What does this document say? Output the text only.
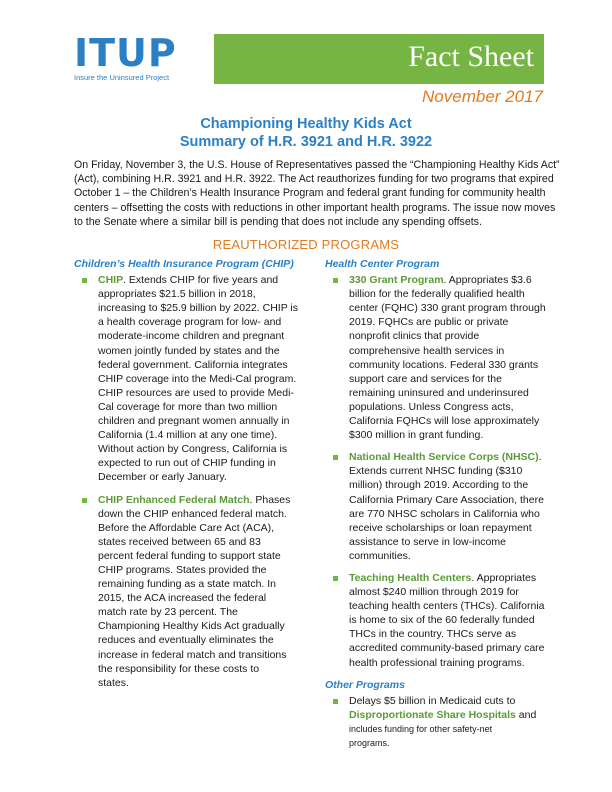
ITUP
Insure the Uninsured Project
Fact Sheet
November 2017
Championing Healthy Kids Act
Summary of H.R. 3921 and H.R. 3922
On Friday, November 3, the U.S. House of Representatives passed the “Championing Healthy Kids Act”
(Act), combining H.R. 3921 and H.R. 3922. The Act reauthorizes funding for two programs that expired
October 1 – the Children’s Health Insurance Program and federal grant funding for community health
centers – offsetting the costs with reductions in other important health programs. The issue now moves
to the Senate where a similar bill is pending that does not include any spending offsets.
REAUTHORIZED PROGRAMS
Children’s Health Insurance Program (CHIP)
CHIP. Extends CHIP for five years and
appropriates $21.5 billion in 2018,
increasing to $25.9 billion by 2022. CHIP is
a health coverage program for low- and
moderate-income children and pregnant
women jointly funded by states and the
federal government. California integrates
CHIP coverage into the Medi-Cal program.
CHIP resources are used to provide Medi-
Cal coverage for more than two million
children and pregnant women annually in
California (1.4 million at any one time).
Without action by Congress, California is
expected to run out of CHIP funding in
December or early January.
CHIP Enhanced Federal Match. Phases
down the CHIP enhanced federal match.
Before the Affordable Care Act (ACA),
states received between 65 and 83
percent federal funding to support state
CHIP programs. States provided the
remaining funding as a state match. In
2015, the ACA increased the federal
match rate by 23 percent. The
Championing Healthy Kids Act gradually
reduces and eventually eliminates the
increase in federal match and transitions
the responsibility for these costs to
states.
Health Center Program
330 Grant Program. Appropriates $3.6
billion for the federally qualified health
center (FQHC) 330 grant program through
2019. FQHCs are public or private
nonprofit clinics that provide
comprehensive health services in
community locations. Federal 330 grants
support care and services for the
remaining uninsured and underinsured
populations. Unless Congress acts,
California FQHCs will lose approximately
$300 million in grant funding.
National Health Service Corps (NHSC).
Extends current NHSC funding ($310
million) through 2019. According to the
California Primary Care Association, there
are 770 NHSC scholars in California who
receive scholarships or loan repayment
assistance to serve in low-income
communities.
Teaching Health Centers. Appropriates
almost $240 million through 2019 for
teaching health centers (THCs). California
is home to six of the 60 federally funded
THCs in the country. THCs serve as
accredited community-based primary care
health professional training programs.
Other Programs
Delays $5 billion in Medicaid cuts to
Disproportionate Share Hospitals and
includes funding for other safety-net
programs.
